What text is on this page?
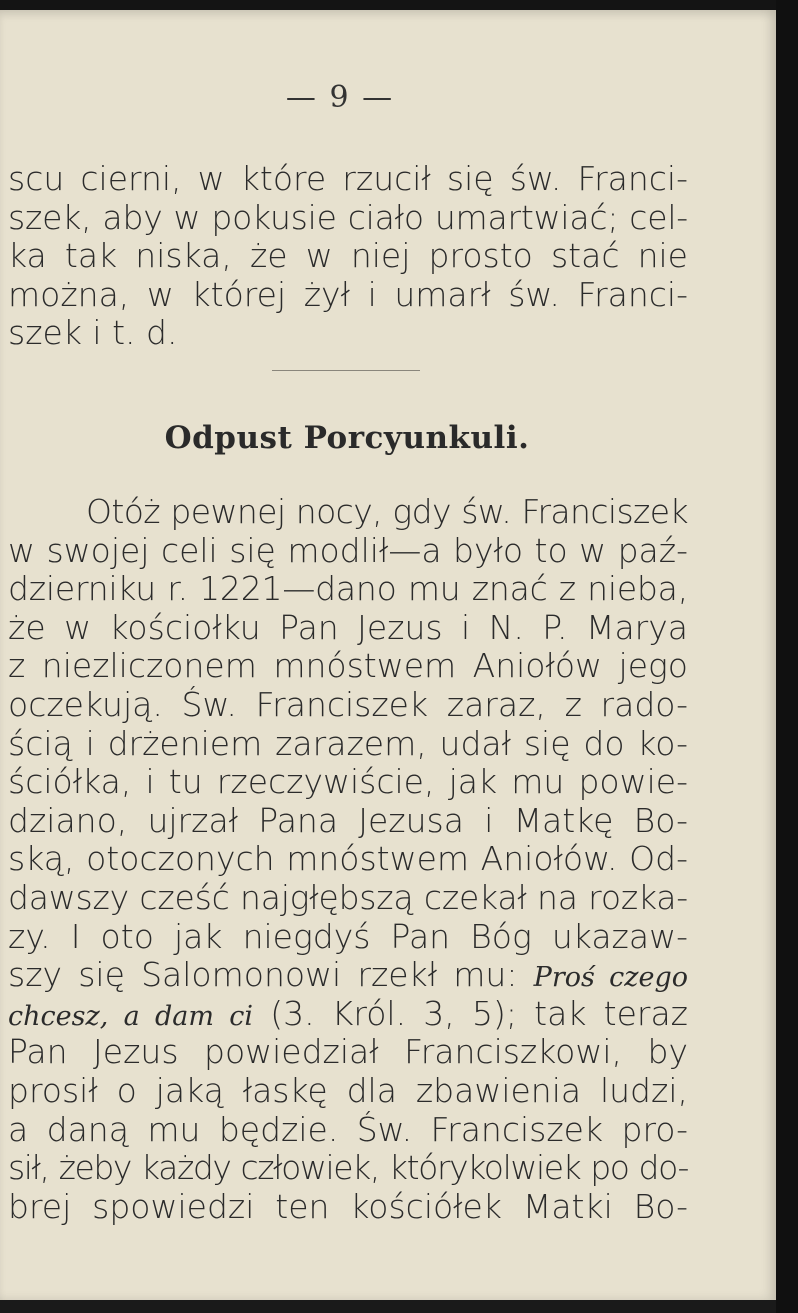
— 9 —
scu cierni, w które rzucił się św. Franci-
szek, aby w pokusie ciało umartwiać; cel-
ka tak niska, że w niej prosto stać nie
można, w której żył i umarł św. Franci-
szek i t. d.
Odpust Porcyunkuli.
Otóż pewnej nocy, gdy św. Franciszek
w swojej celi się modlił—a było to w paź-
dzierniku r. 1221—dano mu znać z nieba,
że w kościołku Pan Jezus i N. P. Marya
z niezliczonem mnóstwem Aniołów jego
oczekują. Św. Franciszek zaraz, z rado-
ścią i drżeniem zarazem, udał się do ko-
ściółka, i tu rzeczywiście, jak mu powie-
dziano, ujrzał Pana Jezusa i Matkę Bo-
ską, otoczonych mnóstwem Aniołów. Od-
dawszy cześć najgłębszą czekał na rozka-
zy. I oto jak niegdyś Pan Bóg ukazaw-
szy się Salomonowi rzekł mu: Proś czego
chcesz, a dam ci (3. Król. 3, 5); tak teraz
Pan Jezus powiedział Franciszkowi, by
prosił o jaką łaskę dla zbawienia ludzi,
a daną mu będzie. Św. Franciszek pro-
sił, żeby każdy człowiek, którykolwiek po do-
brej spowiedzi ten kościółek Matki Bo-
